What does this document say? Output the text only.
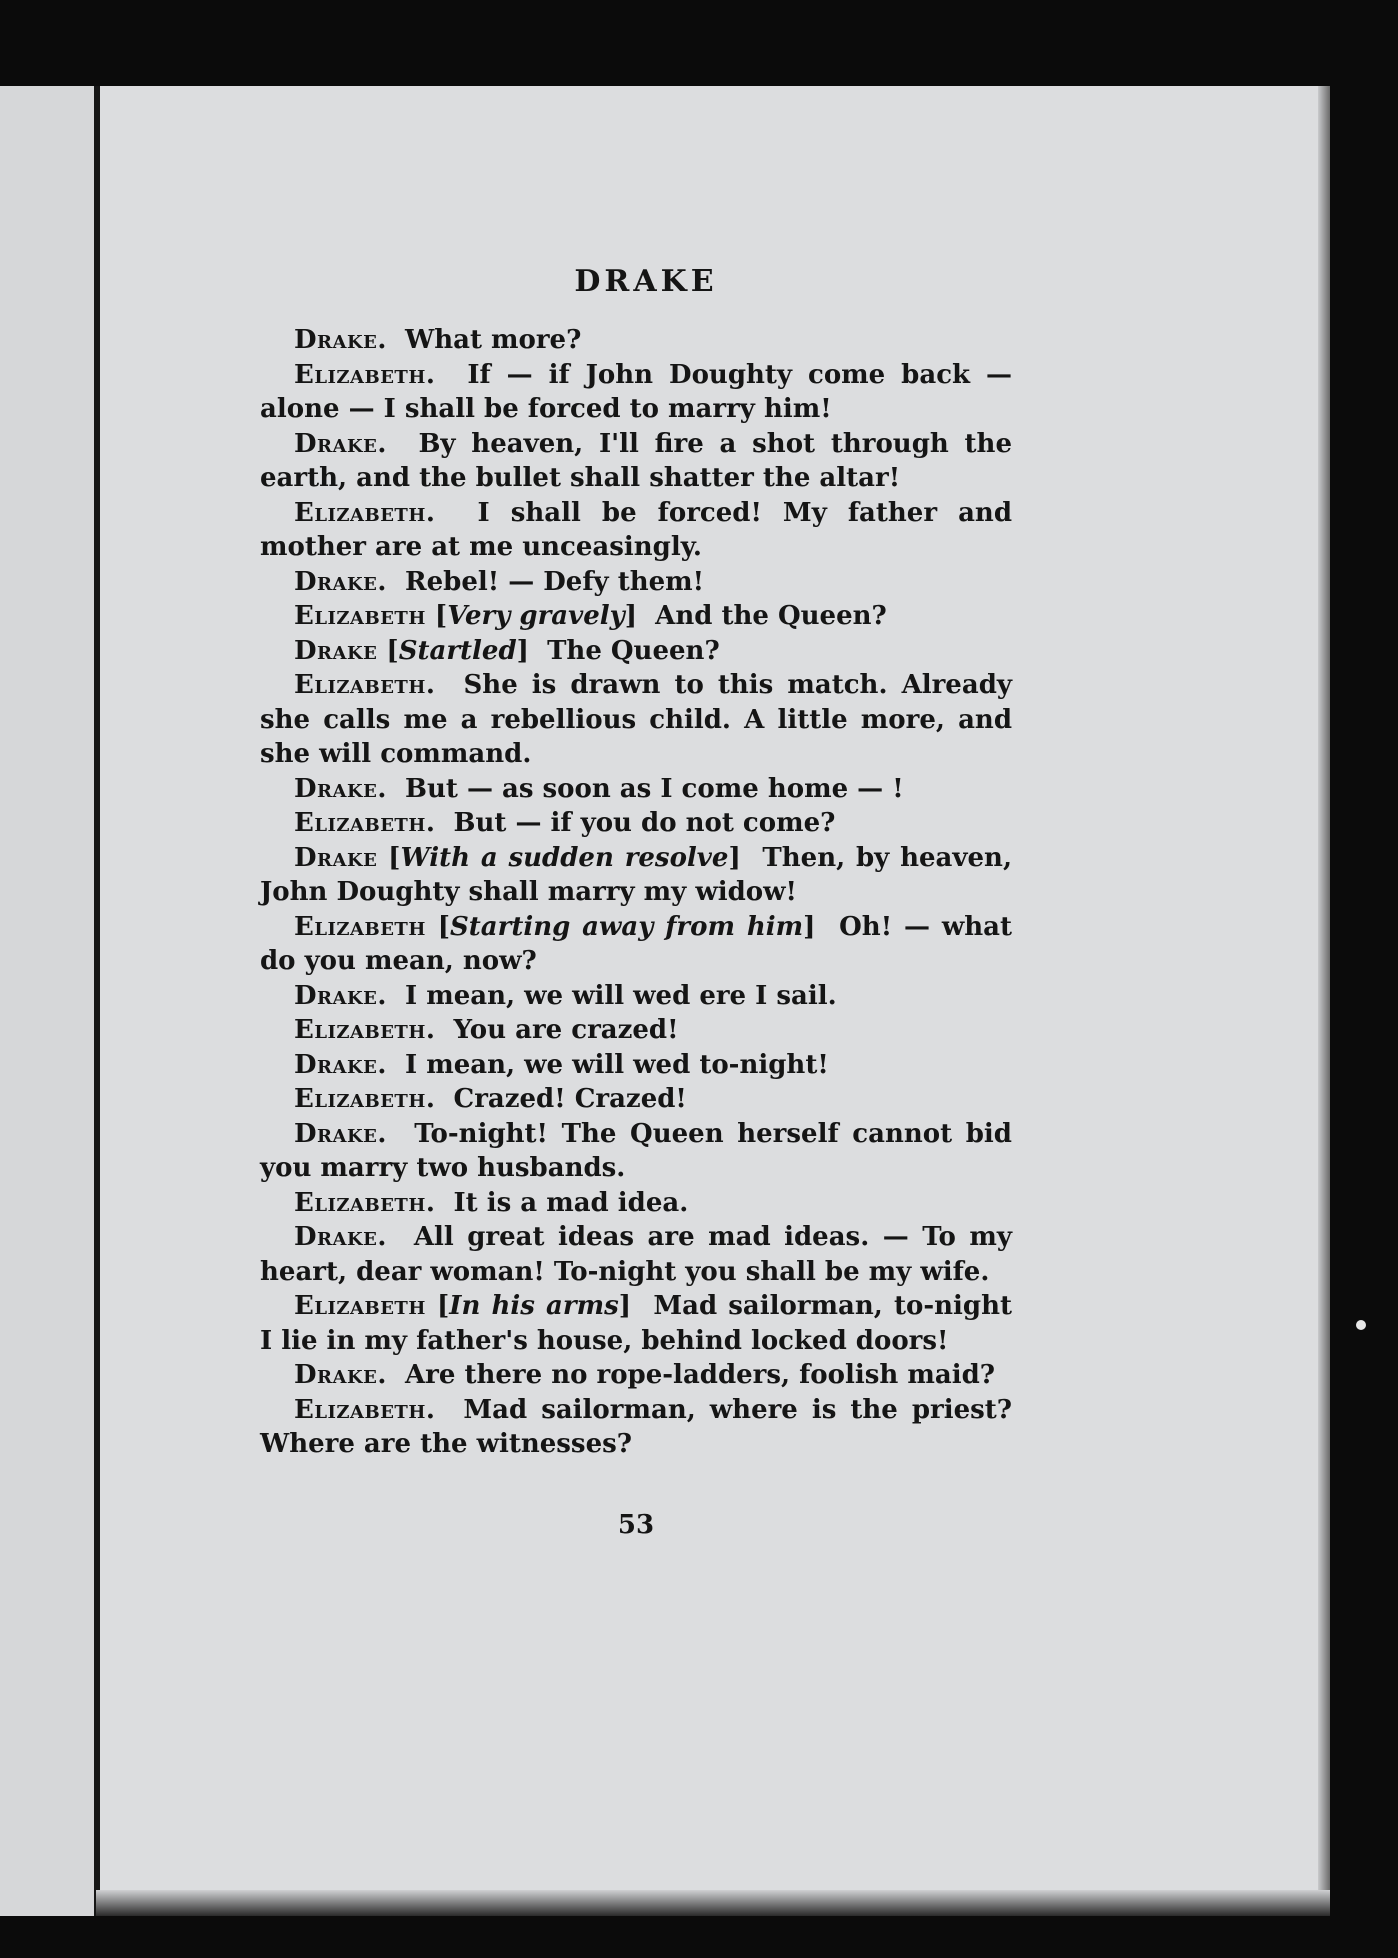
DRAKE

Drake. What more?

Elizabeth. If — if John Doughty come back — alone — I shall be forced to marry him!

Drake. By heaven, I'll fire a shot through the earth, and the bullet shall shatter the altar!

Elizabeth. I shall be forced! My father and mother are at me unceasingly.

Drake. Rebel! — Defy them!

Elizabeth [Very gravely]  And the Queen?

Drake [Startled]  The Queen?

Elizabeth. She is drawn to this match. Already she calls me a rebellious child. A little more, and she will command.

Drake. But — as soon as I come home — !

Elizabeth. But — if you do not come?

Drake [With a sudden resolve]  Then, by heaven, John Doughty shall marry my widow!

Elizabeth [Starting away from him]  Oh! — what do you mean, now?

Drake. I mean, we will wed ere I sail.

Elizabeth. You are crazed!

Drake. I mean, we will wed to-night!

Elizabeth. Crazed! Crazed!

Drake. To-night! The Queen herself cannot bid you marry two husbands.

Elizabeth. It is a mad idea.

Drake. All great ideas are mad ideas. — To my heart, dear woman! To-night you shall be my wife.

Elizabeth [In his arms]  Mad sailorman, to-night I lie in my father's house, behind locked doors!

Drake. Are there no rope-ladders, foolish maid?

Elizabeth. Mad sailorman, where is the priest? Where are the witnesses?

53
